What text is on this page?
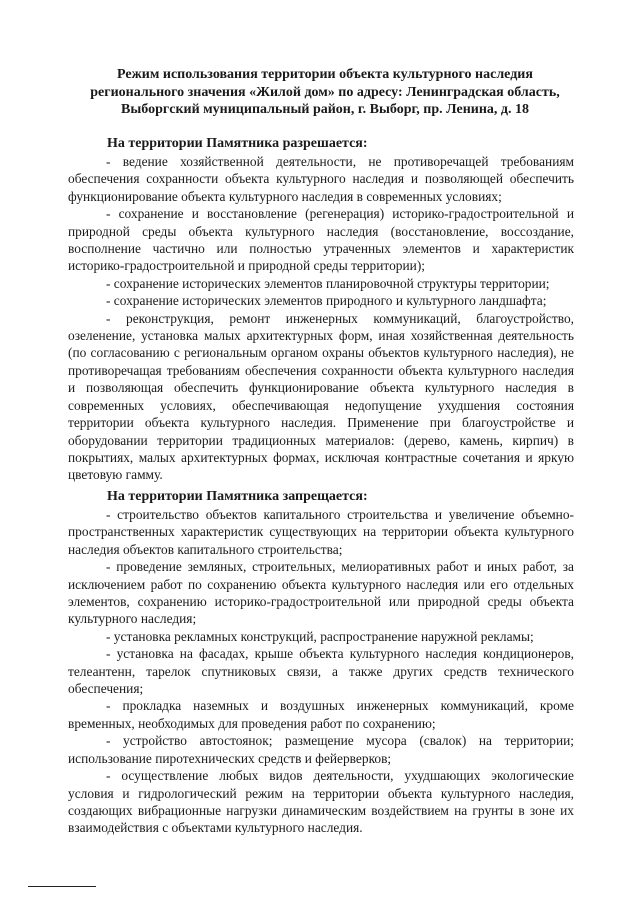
Режим использования территории объекта культурного наследия
регионального значения «Жилой дом» по адресу: Ленинградская область,
Выборгский муниципальный район, г. Выборг, пр. Ленина, д. 18
На территории Памятника разрешается:

- ведение хозяйственной деятельности, не противоречащей требованиям обеспечения сохранности объекта культурного наследия и позволяющей обеспечить функционирование объекта культурного наследия в современных условиях;

- сохранение и восстановление (регенерация) историко-градостроительной и природной среды объекта культурного наследия (восстановление, воссоздание, восполнение частично или полностью утраченных элементов и характеристик историко-градостроительной и природной среды территории);

- сохранение исторических элементов планировочной структуры территории;

- сохранение исторических элементов природного и культурного ландшафта;

- реконструкция, ремонт инженерных коммуникаций, благоустройство, озеленение, установка малых архитектурных форм, иная хозяйственная деятельность (по согласованию с региональным органом охраны объектов культурного наследия), не противоречащая требованиям обеспечения сохранности объекта культурного наследия и позволяющая обеспечить функционирование объекта культурного наследия в современных условиях, обеспечивающая недопущение ухудшения состояния территории объекта культурного наследия. Применение при благоустройстве и оборудовании территории традиционных материалов: (дерево, камень, кирпич) в покрытиях, малых архитектурных формах, исключая контрастные сочетания и яркую цветовую гамму.

На территории Памятника запрещается:

- строительство объектов капитального строительства и увеличение объемно-пространственных характеристик существующих на территории объекта культурного наследия объектов капитального строительства;

- проведение земляных, строительных, мелиоративных работ и иных работ, за исключением работ по сохранению объекта культурного наследия или его отдельных элементов, сохранению историко-градостроительной или природной среды объекта культурного наследия;

- установка рекламных конструкций, распространение наружной рекламы;

- установка на фасадах, крыше объекта культурного наследия кондиционеров, телеантенн, тарелок спутниковых связи, а также других средств технического обеспечения;

- прокладка наземных и воздушных инженерных коммуникаций, кроме временных, необходимых для проведения работ по сохранению;

- устройство автостоянок; размещение мусора (свалок) на территории; использование пиротехнических средств и фейерверков;

- осуществление любых видов деятельности, ухудшающих экологические условия и гидрологический режим на территории объекта культурного наследия, создающих вибрационные нагрузки динамическим воздействием на грунты в зоне их взаимодействия с объектами культурного наследия.
